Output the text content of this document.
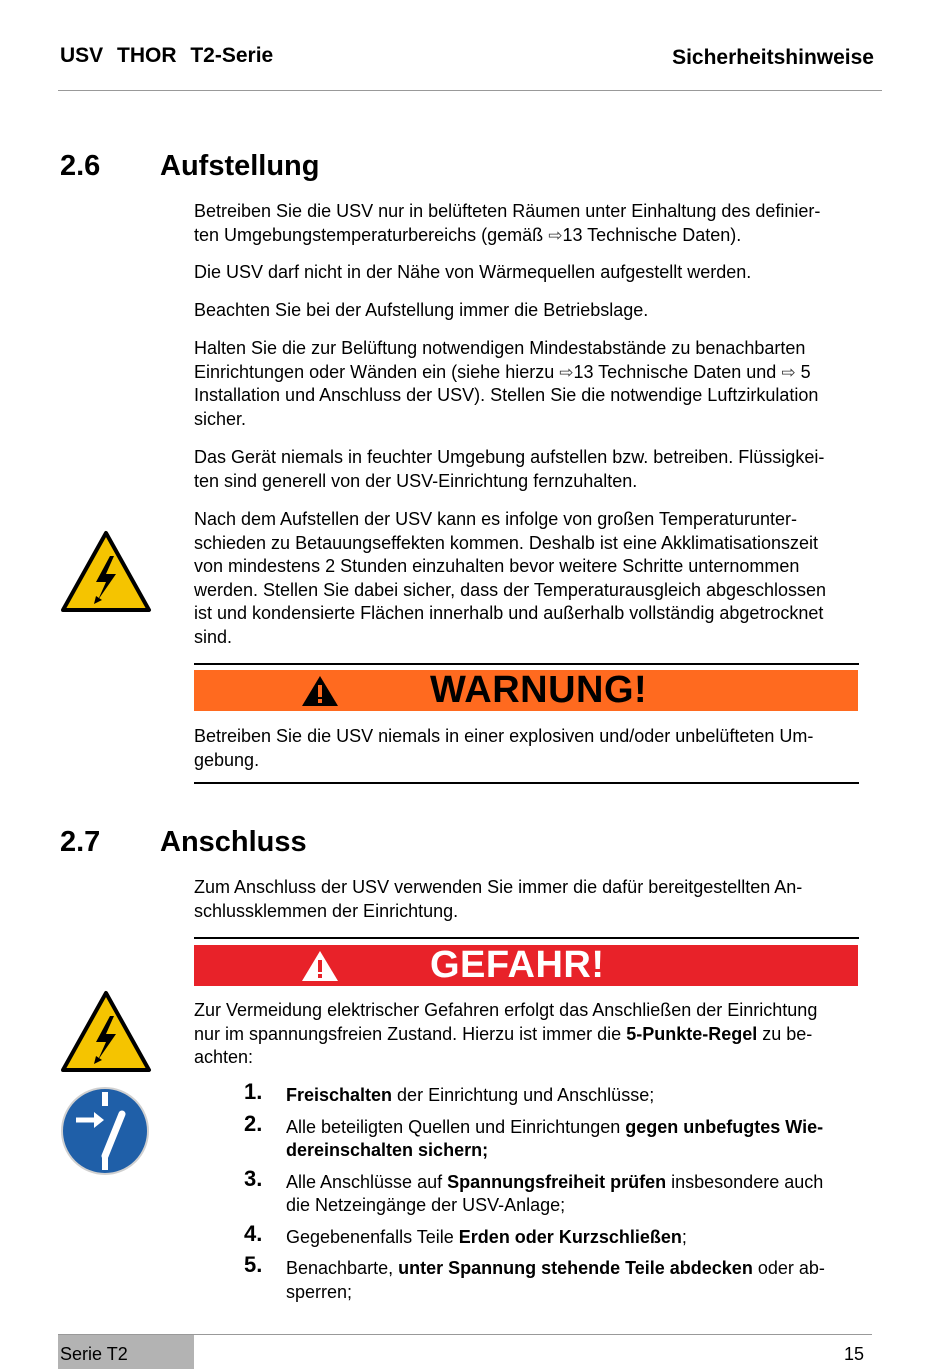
USV THOR T2-Serie	Sicherheitshinweise
2.6 Aufstellung
Betreiben Sie die USV nur in belüfteten Räumen unter Einhaltung des definier-
ten Umgebungstemperaturbereichs (gemäß ⇨13 Technische Daten).
Die USV darf nicht in der Nähe von Wärmequellen aufgestellt werden.
Beachten Sie bei der Aufstellung immer die Betriebslage.
Halten Sie die zur Belüftung notwendigen Mindestabstände zu benachbarten
Einrichtungen oder Wänden ein (siehe hierzu ⇨13 Technische Daten und ⇨ 5
Installation und Anschluss der USV). Stellen Sie die notwendige Luftzirkulation
sicher.
Das Gerät niemals in feuchter Umgebung aufstellen bzw. betreiben. Flüssigkei-
ten sind generell von der USV-Einrichtung fernzuhalten.
Nach dem Aufstellen der USV kann es infolge von großen Temperaturunter-
schieden zu Betauungseffekten kommen. Deshalb ist eine Akklimatisationszeit
von mindestens 2 Stunden einzuhalten bevor weitere Schritte unternommen
werden. Stellen Sie dabei sicher, dass der Temperaturausgleich abgeschlossen
ist und kondensierte Flächen innerhalb und außerhalb vollständig abgetrocknet
sind.
WARNUNG!
Betreiben Sie die USV niemals in einer explosiven und/oder unbelüfteten Um-
gebung.
2.7 Anschluss
Zum Anschluss der USV verwenden Sie immer die dafür bereitgestellten An-
schlussklemmen der Einrichtung.
GEFAHR!
Zur Vermeidung elektrischer Gefahren erfolgt das Anschließen der Einrichtung
nur im spannungsfreien Zustand. Hierzu ist immer die 5-Punkte-Regel zu be-
achten:
1. Freischalten der Einrichtung und Anschlüsse;
2. Alle beteiligten Quellen und Einrichtungen gegen unbefugtes Wie-
dereinschalten sichern;
3. Alle Anschlüsse auf Spannungsfreiheit prüfen insbesondere auch
die Netzeingänge der USV-Anlage;
4. Gegebenenfalls Teile Erden oder Kurzschließen;
5. Benachbarte, unter Spannung stehende Teile abdecken oder ab-
sperren;
Serie T2	15
